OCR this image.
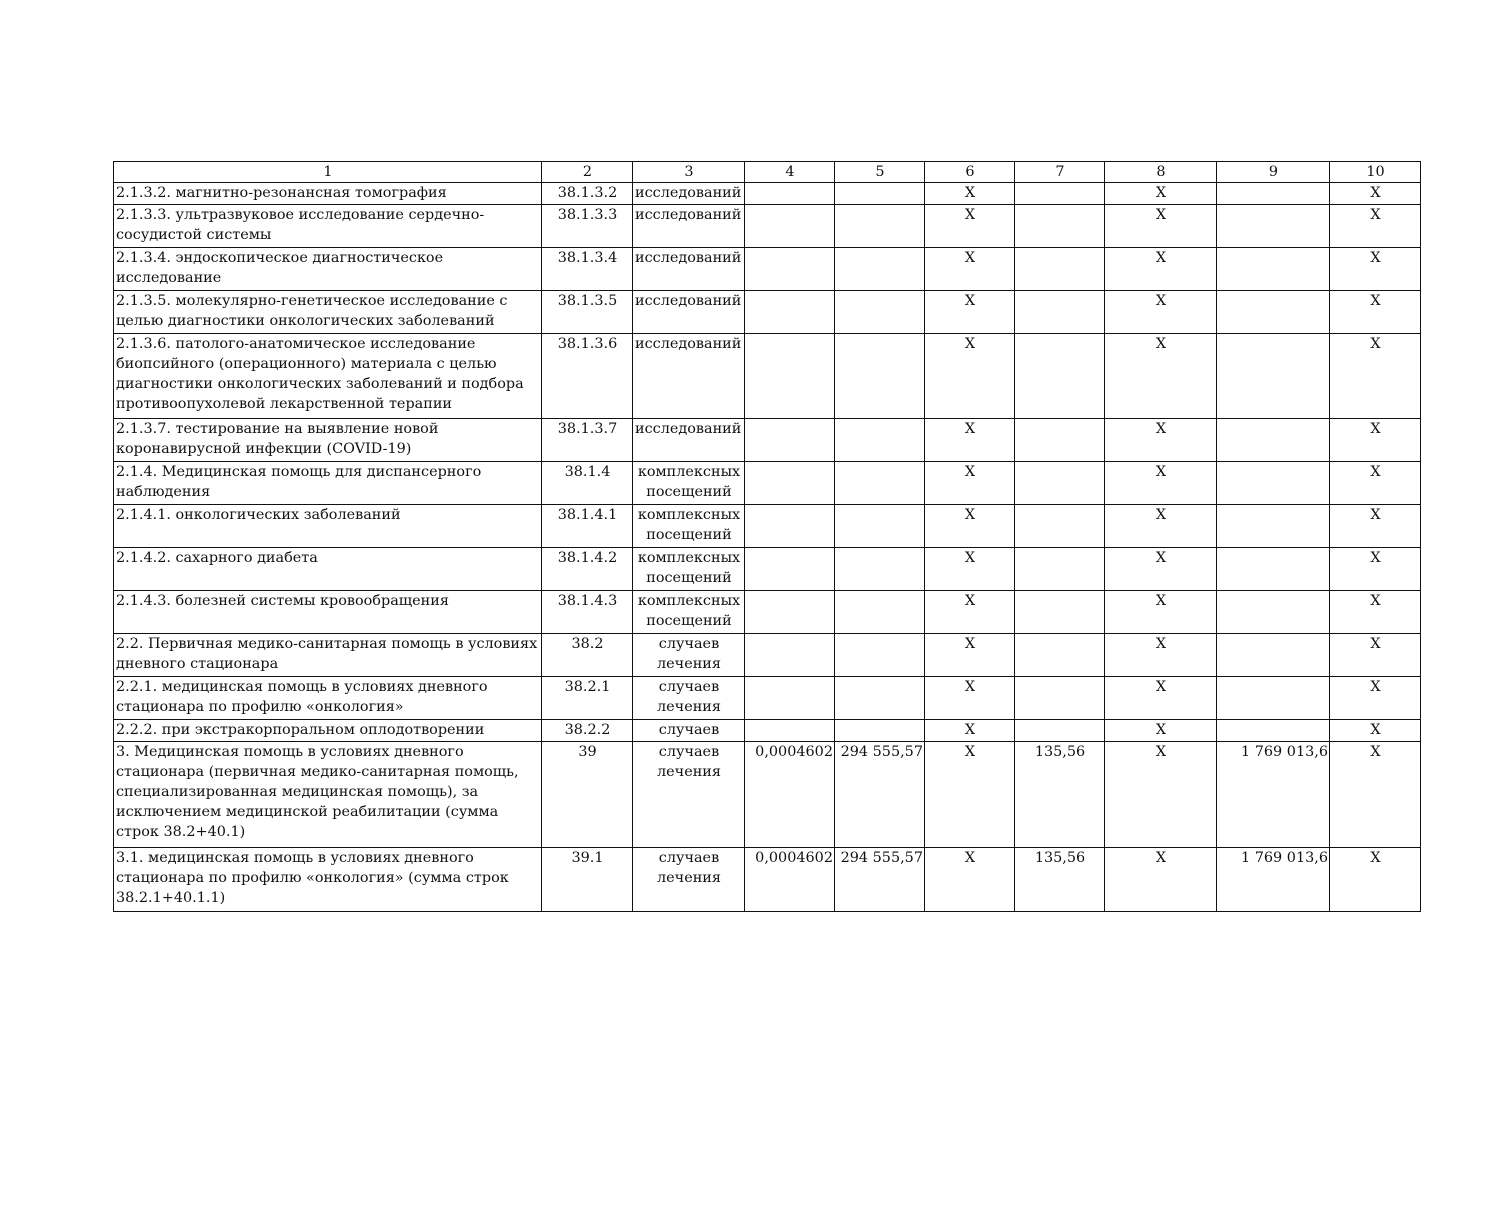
1	2	3	4	5	6	7	8	9	10
2.1.3.2. магнитно-резонансная томография	38.1.3.2	исследований			Х		Х		Х
2.1.3.3. ультразвуковое исследование сердечно-сосудистой системы	38.1.3.3	исследований			Х		Х		Х
2.1.3.4. эндоскопическое диагностическое исследование	38.1.3.4	исследований			Х		Х		Х
2.1.3.5. молекулярно-генетическое исследование с целью диагностики онкологических заболеваний	38.1.3.5	исследований			Х		Х		Х
2.1.3.6. патолого-анатомическое исследование биопсийного (операционного) материала с целью диагностики онкологических заболеваний и подбора противоопухолевой лекарственной терапии	38.1.3.6	исследований			Х		Х		Х
2.1.3.7. тестирование на выявление новой коронавирусной инфекции (COVID-19)	38.1.3.7	исследований			Х		Х		Х
2.1.4. Медицинская помощь для диспансерного наблюдения	38.1.4	комплексных посещений			Х		Х		Х
2.1.4.1. онкологических заболеваний	38.1.4.1	комплексных посещений			Х		Х		Х
2.1.4.2. сахарного диабета	38.1.4.2	комплексных посещений			Х		Х		Х
2.1.4.3. болезней системы кровообращения	38.1.4.3	комплексных посещений			Х		Х		Х
2.2. Первичная медико-санитарная помощь в условиях дневного стационара	38.2	случаев лечения			Х		Х		Х
2.2.1. медицинская помощь в условиях дневного стационара по профилю «онкология»	38.2.1	случаев лечения			Х		Х		Х
2.2.2. при экстракорпоральном оплодотворении	38.2.2	случаев			Х		Х		Х
3. Медицинская помощь в условиях дневного стационара (первичная медико-санитарная помощь, специализированная медицинская помощь), за исключением медицинской реабилитации (сумма строк 38.2+40.1)	39	случаев лечения	0,0004602	294 555,57	Х	135,56	Х	1 769 013,6	Х
3.1. медицинская помощь в условиях дневного стационара по профилю «онкология» (сумма строк 38.2.1+40.1.1)	39.1	случаев лечения	0,0004602	294 555,57	Х	135,56	Х	1 769 013,6	Х
